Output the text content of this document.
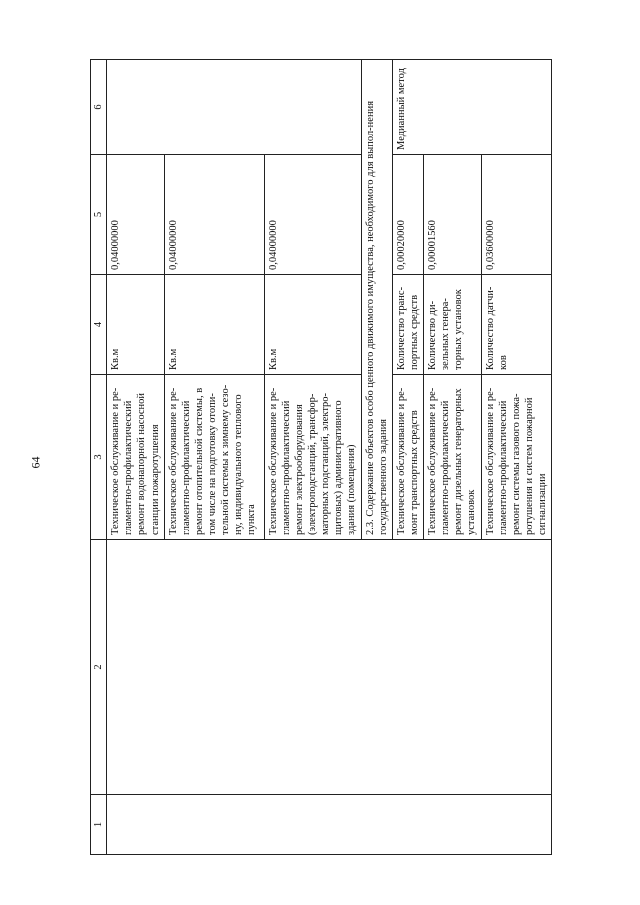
64
1	2	3	4	5	6
		Техническое обслуживание и ре-гламентно-профилактический ремонт водонапорной насосной станции пожаротушения	Кв.м	0,04000000	
		Техническое обслуживание и ре-гламентно-профилактический ремонт отопительной системы, в том числе на подготовку отопи-тельной системы к зимнему сезо-ну, индивидуального теплового пункта	Кв.м	0,04000000	
		Техническое обслуживание и ре-гламентно-профилактический ремонт электрооборудования (электроподстанций, трансфор-маторных подстанций, электро-щитовых) административного здания (помещения)	Кв.м	0,04000000	
		2.3. Содержание объектов особо ценного движимого имущества, необходимого для выпол-нения государственного задания			
		Техническое обслуживание и ре-монт транспортных средств	Количество транс-портных средств	0,00020000	Медианный метод
		Техническое обслуживание и ре-гламентно-профилактический ремонт дизельных генераторных установок	Количество ди-зельных генера-торных установок	0,00001560	
		Техническое обслуживание и ре-гламентно-профилактический ремонт системы газового пожа-ротушения и систем пожарной сигнализации	Количество датчи-ков	0,03600000	
